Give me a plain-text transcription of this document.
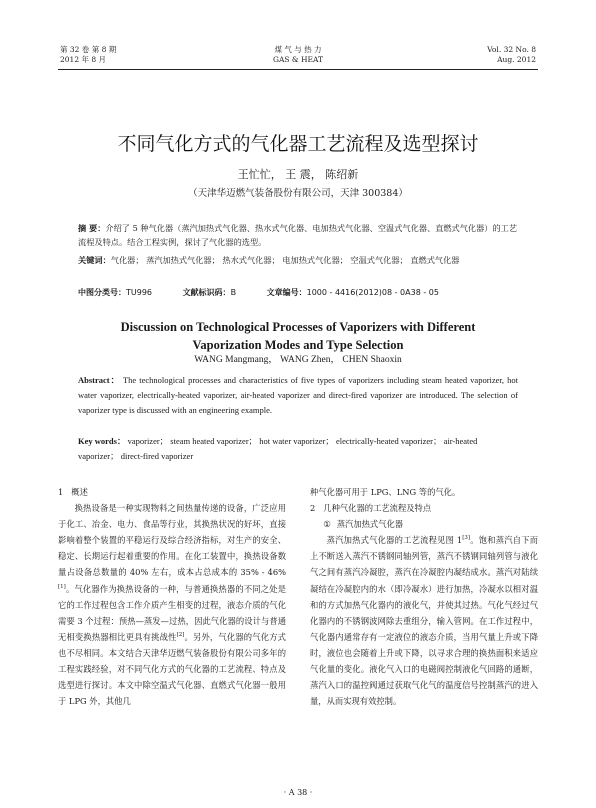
第 32 卷 第 8 期
2012 年 8 月
煤 气 与 热 力
GAS & HEAT
Vol. 32 No. 8
Aug. 2012
不同气化方式的气化器工艺流程及选型探讨
王忙忙， 王 震， 陈绍新
（天津华迈燃气装备股份有限公司，天津 300384）
摘 要：介绍了 5 种气化器（蒸汽加热式气化器、热水式气化器、电加热式气化器、空温式气化器、直燃式气化器）的工艺流程及特点。结合工程实例，探讨了气化器的选型。
关键词：气化器； 蒸汽加热式气化器； 热水式气化器； 电加热式气化器； 空温式气化器； 直燃式气化器
中图分类号：TU996	文献标识码：B	文章编号：1000 - 4416(2012)08 - 0A38 - 05
Discussion on Technological Processes of Vaporizers with Different
Vaporization Modes and Type Selection
WANG Mangmang， WANG Zhen， CHEN Shaoxin
Abstract： The technological processes and characteristics of five types of vaporizers including steam heated vaporizer, hot water vaporizer, electrically-heated vaporizer, air-heated vaporizer and direct-fired vaporizer are introduced. The selection of vaporizer type is discussed with an engineering example.
Key words： vaporizer； steam heated vaporizer； hot water vaporizer； electrically-heated vaporizer； air-heated vaporizer； direct-fired vaporizer

1 概述

换热设备是一种实现物料之间热量传递的设备，广泛应用于化工、冶金、电力、食品等行业，其换热状况的好坏，直接影响着整个装置的平稳运行及综合经济指标，对生产的安全、稳定、长期运行起着重要的作用。在化工装置中，换热设备数量占设备总数量的 40% 左右，成本占总成本的 35% - 46%[1]。气化器作为换热设备的一种，与普通换热器的不同之处是它的工作过程包含工作介质产生相变的过程，液态介质的气化需要 3 个过程：预热—蒸发—过热，因此气化器的设计与普通无相变换热器相比更具有挑战性[2]。另外，气化器的气化方式也不尽相同。本文结合天津华迈燃气装备股份有限公司多年的工程实践经验，对不同气化方式的气化器的工艺流程、特点及选型进行探讨。本文中除空温式气化器、直燃式气化器一般用于 LPG 外，其他几

种气化器可用于 LPG、LNG 等的气化。

2 几种气化器的工艺流程及特点

① 蒸汽加热式气化器

蒸汽加热式气化器的工艺流程见图 1[3]。饱和蒸汽自下而上不断送入蒸汽不锈钢同轴列管，蒸汽不锈钢同轴列管与液化气之间有蒸汽冷凝腔，蒸汽在冷凝腔内凝结成水。蒸汽对陆续凝结在冷凝腔内的水（即冷凝水）进行加热，冷凝水以相对温和的方式加热气化器内的液化气，并使其过热。气化气经过气化器内的不锈钢波网除去重组分，输入管网。在工作过程中，气化器内通常存有一定液位的液态介质，当用气量上升或下降时，液位也会随着上升或下降，以寻求合理的换热面积来适应气化量的变化。液化气入口的电磁阀控制液化气回路的通断，蒸汽入口的温控阀通过获取气化气的温度信号控制蒸汽的进入量，从而实现有效控制。

· A 38 ·
